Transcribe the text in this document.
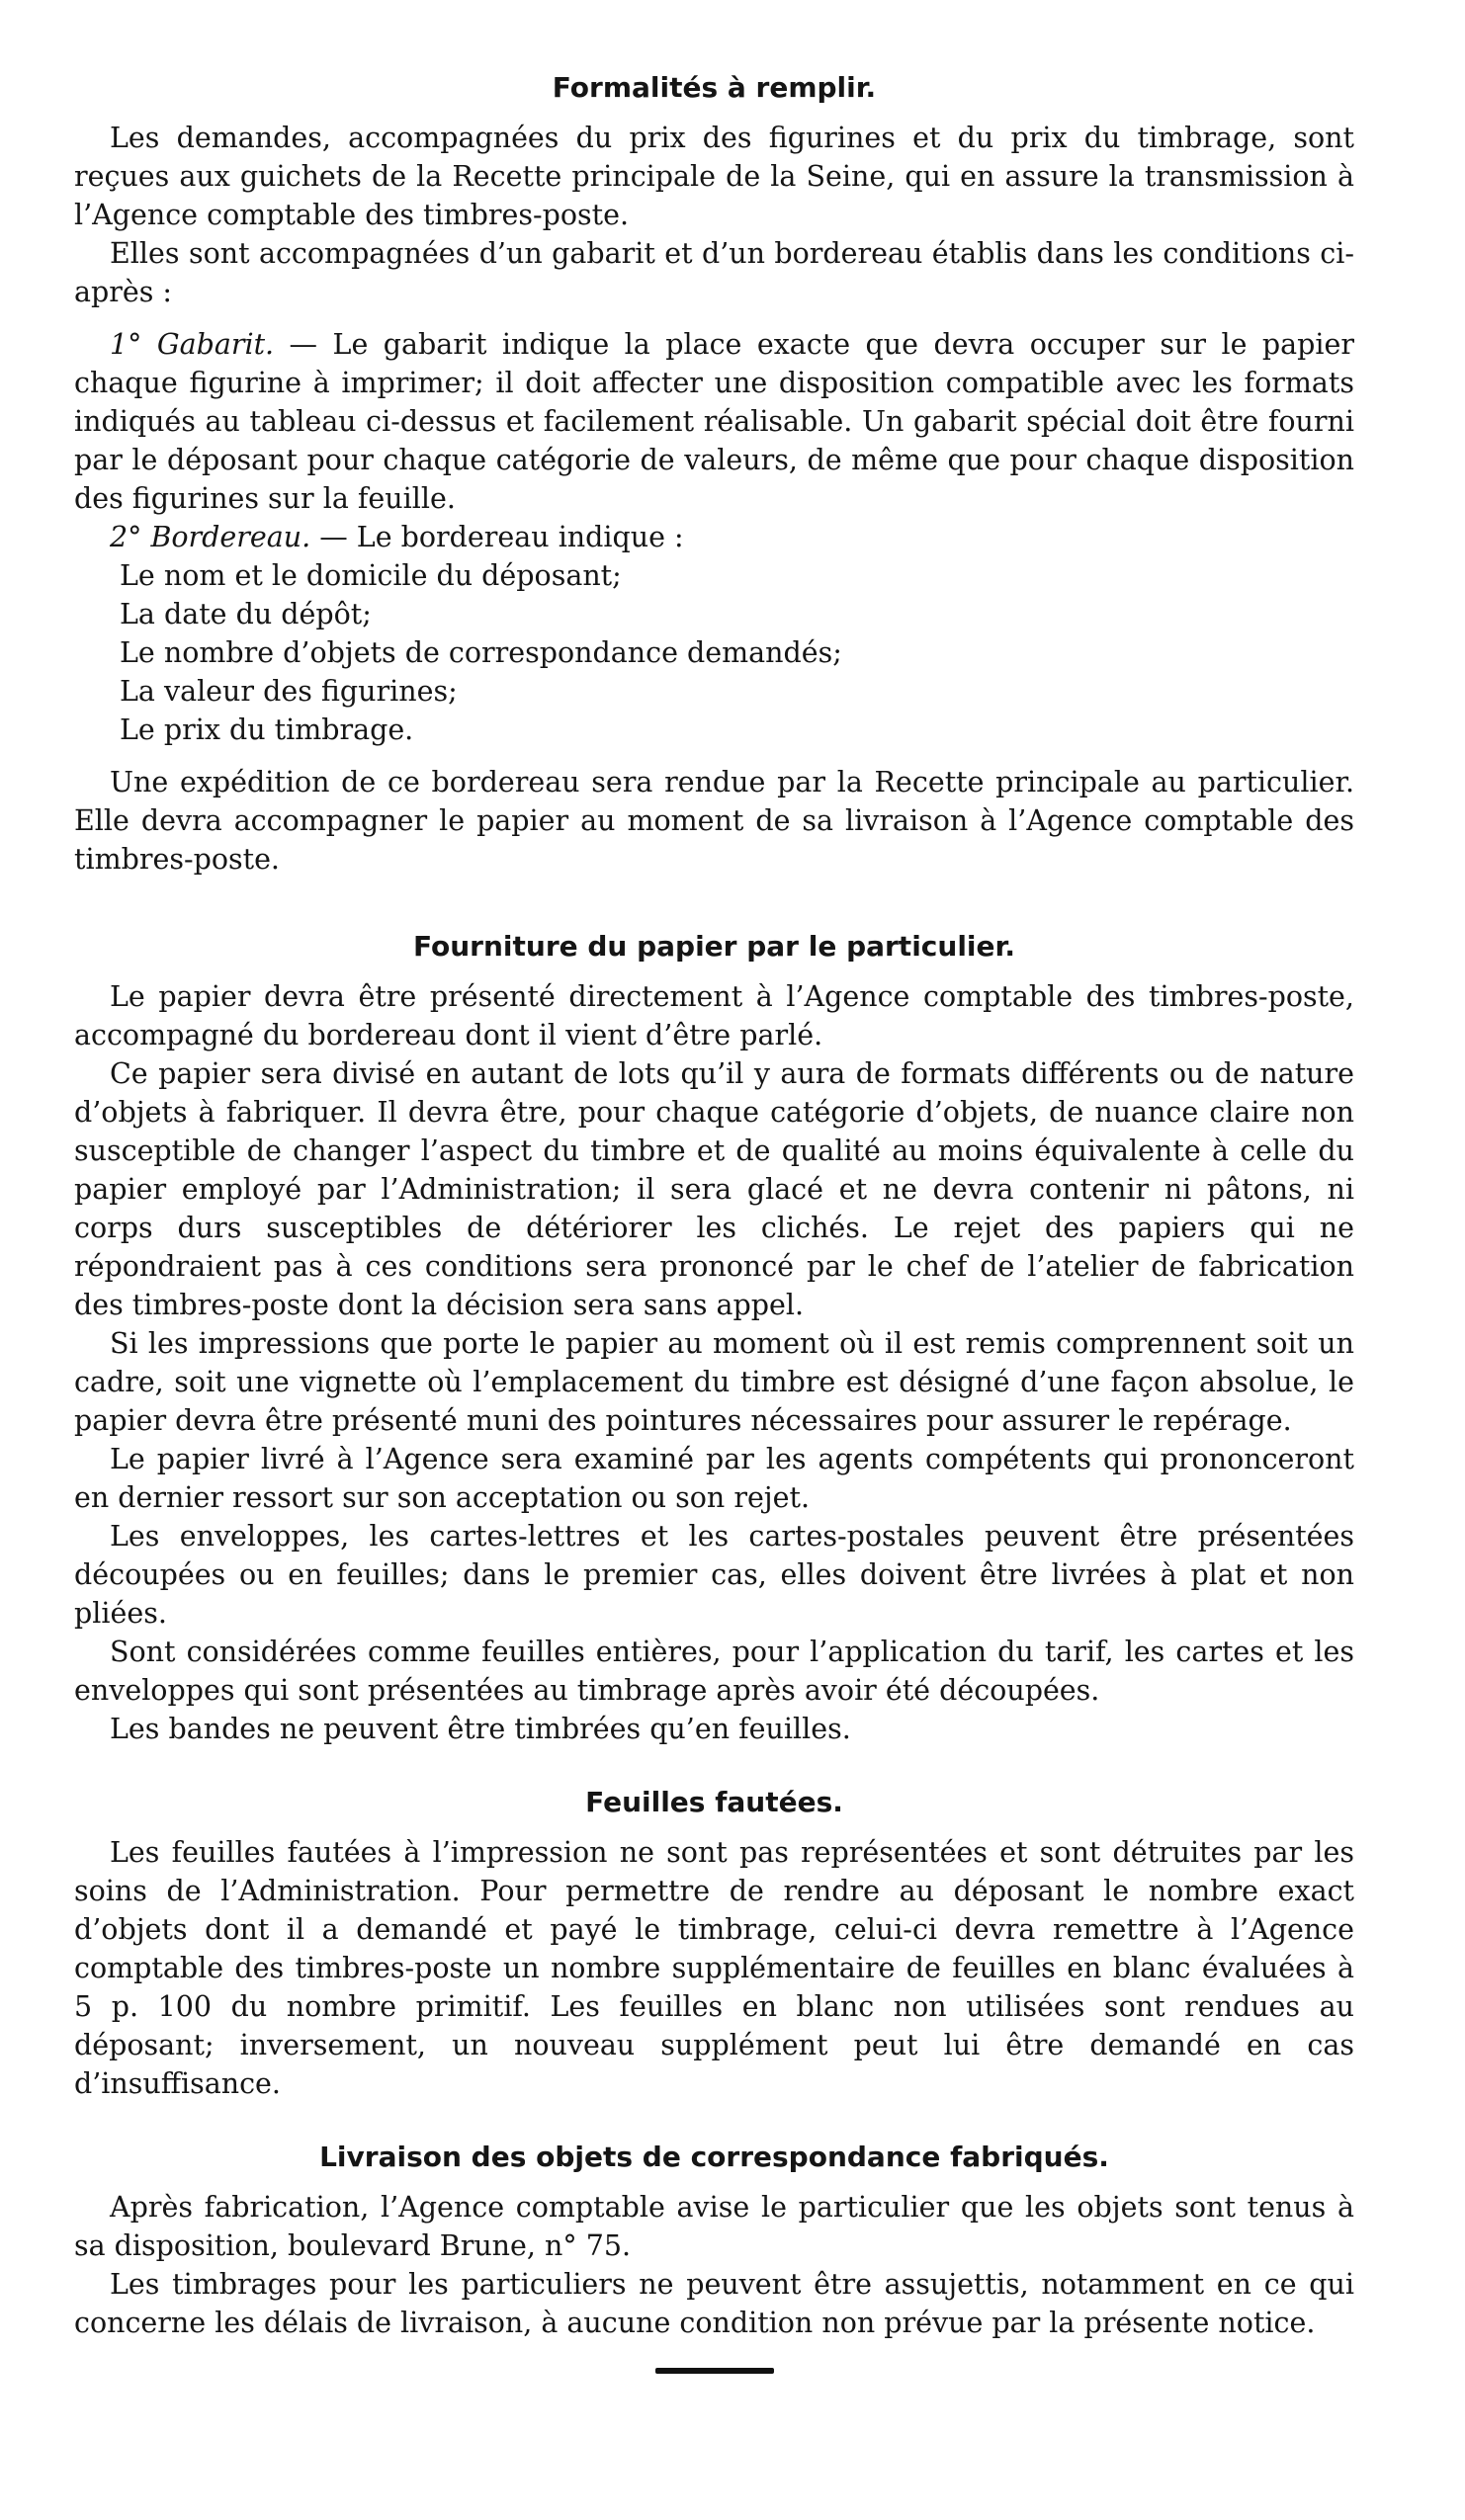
Formalités à remplir.

Les demandes, accompagnées du prix des figurines et du prix du timbrage, sont reçues aux guichets de la Recette principale de la Seine, qui en assure la transmission à l’Agence comptable des timbres-poste.

Elles sont accompagnées d’un gabarit et d’un bordereau établis dans les conditions ci-après :

1° Gabarit. — Le gabarit indique la place exacte que devra occuper sur le papier chaque figurine à imprimer; il doit affecter une disposition compatible avec les formats indiqués au tableau ci-dessus et facilement réalisable. Un gabarit spécial doit être fourni par le déposant pour chaque catégorie de valeurs, de même que pour chaque disposition des figurines sur la feuille.

2° Bordereau. — Le bordereau indique :

Le nom et le domicile du déposant;

La date du dépôt;

Le nombre d’objets de correspondance demandés;

La valeur des figurines;

Le prix du timbrage.

Une expédition de ce bordereau sera rendue par la Recette principale au particulier. Elle devra accompagner le papier au moment de sa livraison à l’Agence comptable des timbres-poste.

Fourniture du papier par le particulier.

Le papier devra être présenté directement à l’Agence comptable des timbres-poste, accompagné du bordereau dont il vient d’être parlé.

Ce papier sera divisé en autant de lots qu’il y aura de formats différents ou de nature d’objets à fabriquer. Il devra être, pour chaque catégorie d’objets, de nuance claire non susceptible de changer l’aspect du timbre et de qualité au moins équivalente à celle du papier employé par l’Administration; il sera glacé et ne devra contenir ni pâtons, ni corps durs susceptibles de détériorer les clichés. Le rejet des papiers qui ne répondraient pas à ces conditions sera prononcé par le chef de l’atelier de fabrication des timbres-poste dont la décision sera sans appel.

Si les impressions que porte le papier au moment où il est remis comprennent soit un cadre, soit une vignette où l’emplacement du timbre est désigné d’une façon absolue, le papier devra être présenté muni des pointures nécessaires pour assurer le repérage.

Le papier livré à l’Agence sera examiné par les agents compétents qui prononceront en dernier ressort sur son acceptation ou son rejet.

Les enveloppes, les cartes-lettres et les cartes-postales peuvent être présentées découpées ou en feuilles; dans le premier cas, elles doivent être livrées à plat et non pliées.

Sont considérées comme feuilles entières, pour l’application du tarif, les cartes et les enveloppes qui sont présentées au timbrage après avoir été découpées.

Les bandes ne peuvent être timbrées qu’en feuilles.

Feuilles fautées.

Les feuilles fautées à l’impression ne sont pas représentées et sont détruites par les soins de l’Administration. Pour permettre de rendre au déposant le nombre exact d’objets dont il a demandé et payé le timbrage, celui-ci devra remettre à l’Agence comptable des timbres-poste un nombre supplémentaire de feuilles en blanc évaluées à 5 p. 100 du nombre primitif. Les feuilles en blanc non utilisées sont rendues au déposant; inversement, un nouveau supplément peut lui être demandé en cas d’insuffisance.

Livraison des objets de correspondance fabriqués.

Après fabrication, l’Agence comptable avise le particulier que les objets sont tenus à sa disposition, boulevard Brune, n° 75.

Les timbrages pour les particuliers ne peuvent être assujettis, notamment en ce qui concerne les délais de livraison, à aucune condition non prévue par la présente notice.
